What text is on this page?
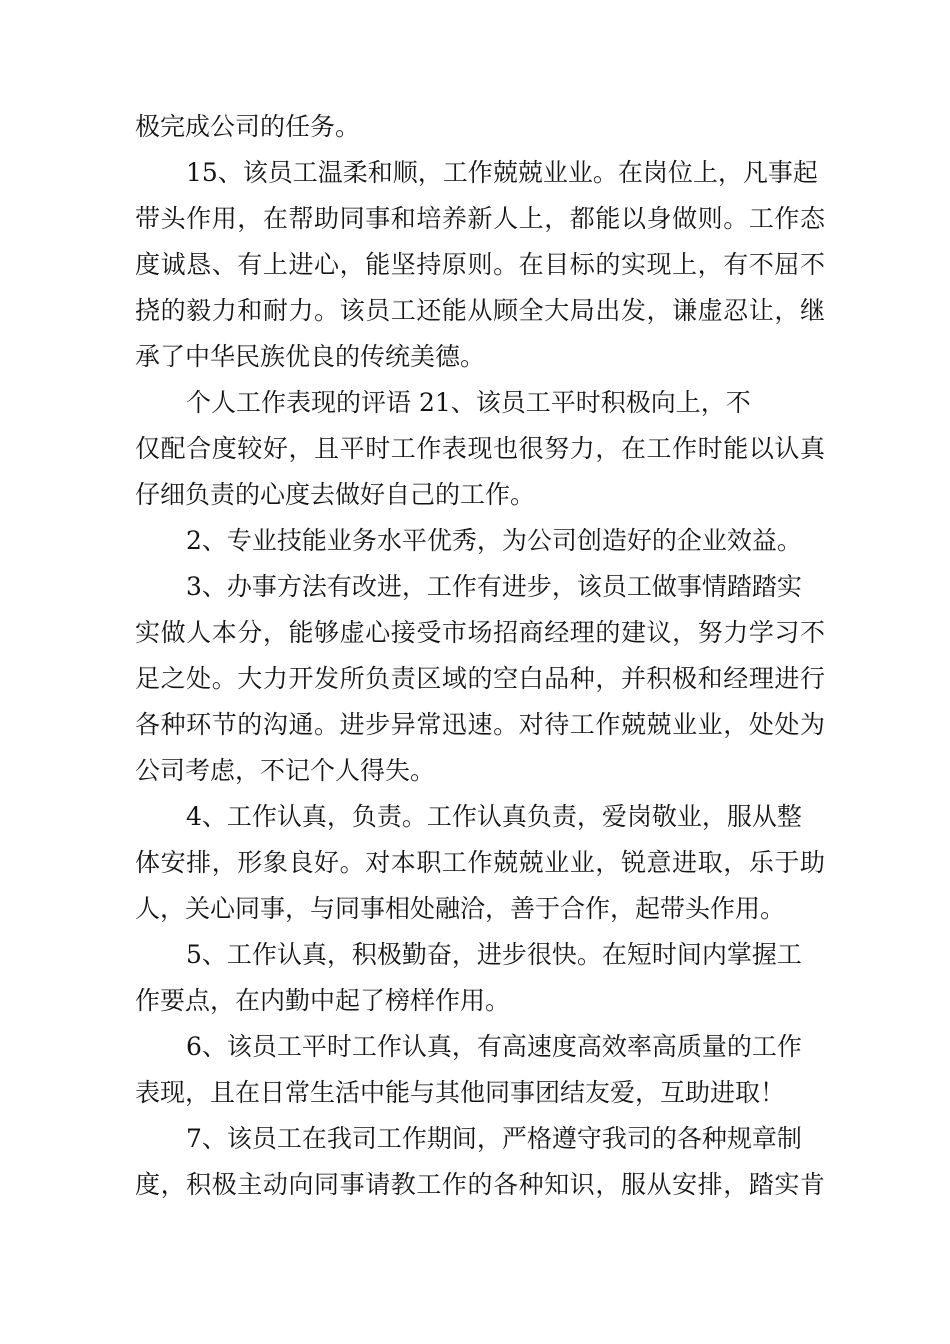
极完成公司的任务。
15、该员工温柔和顺，工作兢兢业业。在岗位上，凡事起
带头作用，在帮助同事和培养新人上，都能以身做则。工作态
度诚恳、有上进心，能坚持原则。在目标的实现上，有不屈不
挠的毅力和耐力。该员工还能从顾全大局出发，谦虚忍让，继
承了中华民族优良的传统美德。
个人工作表现的评语 21、该员工平时积极向上，不
仅配合度较好，且平时工作表现也很努力，在工作时能以认真
仔细负责的心度去做好自己的工作。
2、专业技能业务水平优秀，为公司创造好的企业效益。
3、办事方法有改进，工作有进步，该员工做事情踏踏实
实做人本分，能够虚心接受市场招商经理的建议，努力学习不
足之处。大力开发所负责区域的空白品种，并积极和经理进行
各种环节的沟通。进步异常迅速。对待工作兢兢业业，处处为
公司考虑，不记个人得失。
4、工作认真，负责。工作认真负责，爱岗敬业，服从整
体安排，形象良好。对本职工作兢兢业业，锐意进取，乐于助
人，关心同事，与同事相处融洽，善于合作，起带头作用。
5、工作认真，积极勤奋，进步很快。在短时间内掌握工
作要点，在内勤中起了榜样作用。
6、该员工平时工作认真，有高速度高效率高质量的工作
表现，且在日常生活中能与其他同事团结友爱，互助进取！
7、该员工在我司工作期间，严格遵守我司的各种规章制
度，积极主动向同事请教工作的各种知识，服从安排，踏实肯
